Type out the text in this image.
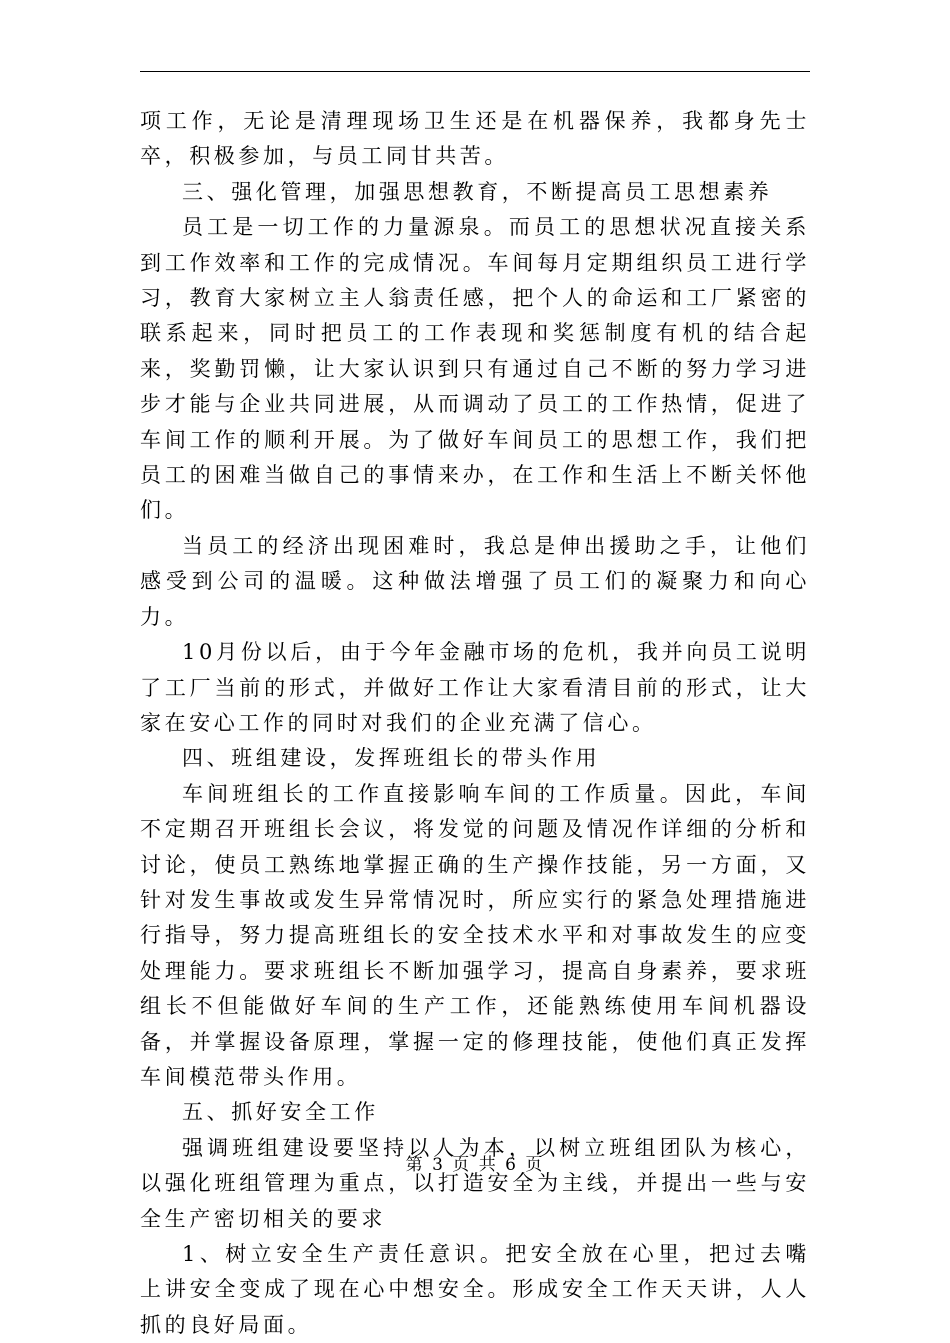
项工作，无论是清理现场卫生还是在机器保养，我都身先士卒，积极参加，与员工同甘共苦。

三、强化管理，加强思想教育，不断提高员工思想素养

员工是一切工作的力量源泉。而员工的思想状况直接关系到工作效率和工作的完成情况。车间每月定期组织员工进行学习，教育大家树立主人翁责任感，把个人的命运和工厂紧密的联系起来，同时把员工的工作表现和奖惩制度有机的结合起来，奖勤罚懒，让大家认识到只有通过自己不断的努力学习进步才能与企业共同进展，从而调动了员工的工作热情，促进了车间工作的顺利开展。为了做好车间员工的思想工作，我们把员工的困难当做自己的事情来办，在工作和生活上不断关怀他们。

当员工的经济出现困难时，我总是伸出援助之手，让他们感受到公司的温暖。这种做法增强了员工们的凝聚力和向心力。

10月份以后，由于今年金融市场的危机，我并向员工说明了工厂当前的形式，并做好工作让大家看清目前的形式，让大家在安心工作的同时对我们的企业充满了信心。

四、班组建设，发挥班组长的带头作用

车间班组长的工作直接影响车间的工作质量。因此，车间不定期召开班组长会议，将发觉的问题及情况作详细的分析和讨论，使员工熟练地掌握正确的生产操作技能，另一方面，又针对发生事故或发生异常情况时，所应实行的紧急处理措施进行指导，努力提高班组长的安全技术水平和对事故发生的应变处理能力。要求班组长不断加强学习，提高自身素养，要求班组长不但能做好车间的生产工作，还能熟练使用车间机器设备，并掌握设备原理，掌握一定的修理技能，使他们真正发挥车间模范带头作用。

五、抓好安全工作

强调班组建设要坚持以人为本，以树立班组团队为核心，以强化班组管理为重点，以打造安全为主线，并提出一些与安全生产密切相关的要求

1、树立安全生产责任意识。把安全放在心里，把过去嘴上讲安全变成了现在心中想安全。形成安全工作天天讲，人人抓的良好局面。

第 3 页 共 6 页
